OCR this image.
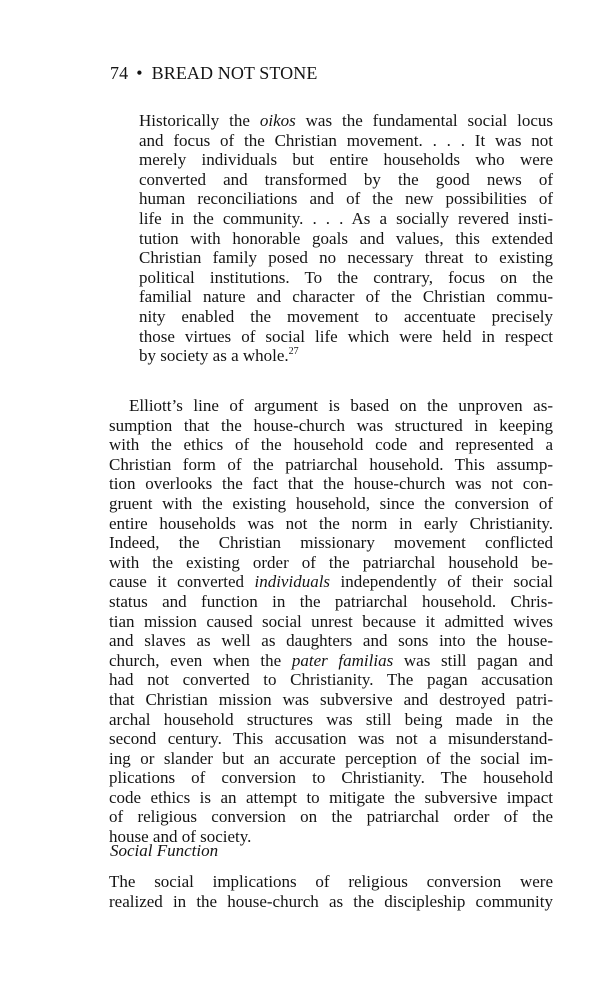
74 • BREAD NOT STONE
Historically the oikos was the fundamental social locus
and focus of the Christian movement. . . . It was not
merely individuals but entire households who were
converted and transformed by the good news of
human reconciliations and of the new possibilities of
life in the community. . . . As a socially revered insti-
tution with honorable goals and values, this extended
Christian family posed no necessary threat to existing
political institutions. To the contrary, focus on the
familial nature and character of the Christian commu-
nity enabled the movement to accentuate precisely
those virtues of social life which were held in respect
by society as a whole.$^{27}$
Elliott’s line of argument is based on the unproven as-
sumption that the house-church was structured in keeping
with the ethics of the household code and represented a
Christian form of the patriarchal household. This assump-
tion overlooks the fact that the house-church was not con-
gruent with the existing household, since the conversion of
entire households was not the norm in early Christianity.
Indeed, the Christian missionary movement conflicted
with the existing order of the patriarchal household be-
cause it converted individuals independently of their social
status and function in the patriarchal household. Chris-
tian mission caused social unrest because it admitted wives
and slaves as well as daughters and sons into the house-
church, even when the pater familias was still pagan and
had not converted to Christianity. The pagan accusation
that Christian mission was subversive and destroyed patri-
archal household structures was still being made in the
second century. This accusation was not a misunderstand-
ing or slander but an accurate perception of the social im-
plications of conversion to Christianity. The household
code ethics is an attempt to mitigate the subversive impact
of religious conversion on the patriarchal order of the
house and of society.
Social Function
The social implications of religious conversion were
realized in the house-church as the discipleship community
